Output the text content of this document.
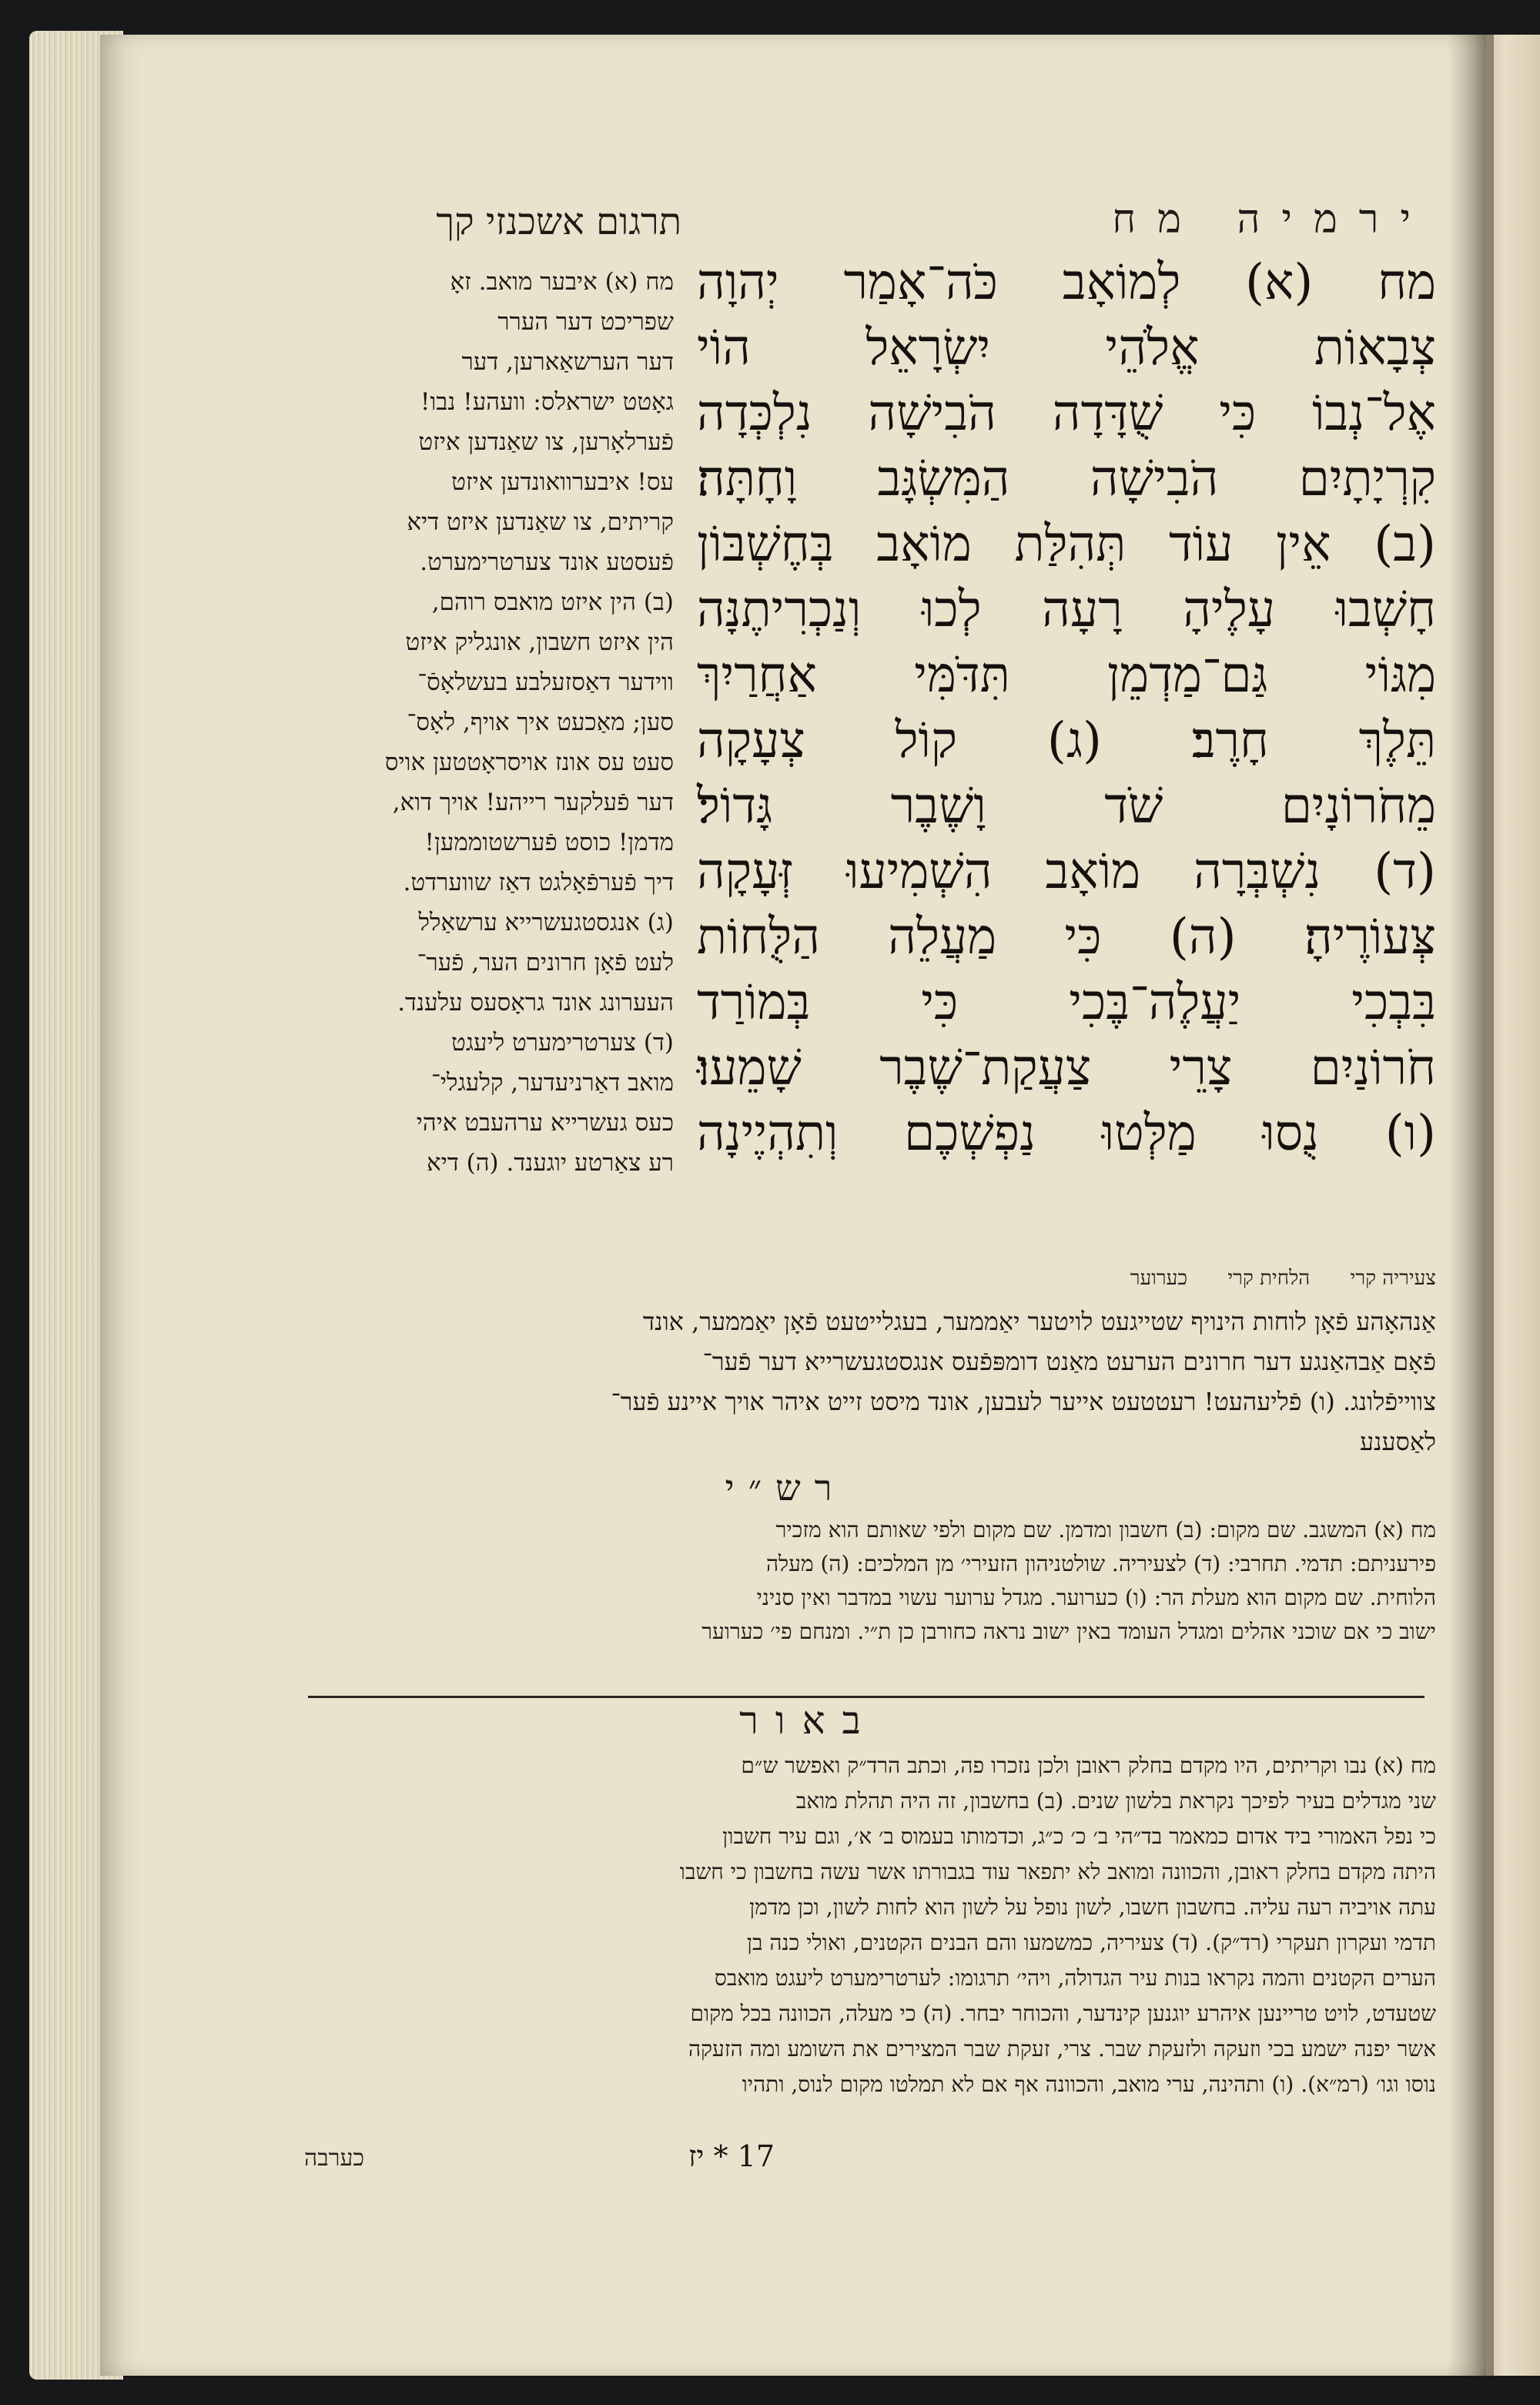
ירמיה מח
תרגום אשכנזי קך

מח (א) לְמוֹאָב כֹּה־אָמַר יְהוָה

צְבָאוֹת אֱלֹהֵי יִשְׂרָאֵל הוֹי

אֶל־נְבוֹ כִּי שֻׁדָּדָה הֹבִישָׁה נִלְכְּדָה

קִרְיָתָיִם הֹבִישָׁה הַמִּשְׂגָּב וָחָתָּה׃

(ב) אֵין עוֹד תְּהִלַּת מוֹאָב בְּחֶשְׁבּוֹן

חָשְׁבוּ עָלֶיהָ רָעָה לְכוּ וְנַכְרִיתֶנָּה

מִגּוֹי גַּם־מַדְמֵן תִּדֹּמִּי אַחֲרַיִךְ

תֵּלֶךְ חָרֶב׃ (ג) קוֹל צְעָקָה

מֵחֹרוֹנָיִם שֹׁד וָשֶׁבֶר גָּדוֹל׃

(ד) נִשְׁבְּרָה מוֹאָב הִשְׁמִיעוּ זְּעָקָה

צְּעוֹרֶיהָ׃ (ה) כִּי מַעֲלֵה הַלֻּחוֹת

בִּבְכִי יַעֲלֶה־בֶּכִי כִּי בְּמוֹרַד

חֹרוֹנַיִם צָרֵי צַעֲקַת־שֶׁבֶר שָׁמֵעוּ׃

(ו) נֻסוּ מַלְּטוּ נַפְשְׁכֶם וְתִהְיֶינָה

מח (א) איבער מואב. זאָ

שפריכט דער הערר

דער הערשאַארען, דער

גאָטט ישראלס: וועהע! נבו!

פֿערלאָרען, צו שאַנדען איזט

עס! איבערוואונדען איזט

קריתים, צו שאַנדען איזט דיא

פֿעסטע אונד צערטרימערט.

(ב) הין איזט מואבס רוהם,

הין איזט חשבון, אונגליק איזט

ווידער דאַסזעלבע בעשלאָסֿ־

סען; מאַכעט איך אויף, לאָס־

סעט עס אונז אויסראָטטען אויס

דער פֿעלקער רייהע! אויך דוא,

מדמן! כוסט פֿערשטוממען!

דיך פֿערפֿאָלגט דאַז שווערדט.

(ג) אנגסטגעשרייא ערשאַלל

לעט פֿאָן חרונים הער, פֿער־

העערונג אונד גראָסעס עלענד.

(ד) צערטרימערט ליעגט

מואב דאַרניעדער, קלעגלי־

כעס געשרייא ערהעבט איהי

רע צאַרטע יוגענד. (ה) דיא

צעיריה קרי הלחית קרי כערוער

אַנהאָהע פֿאָן לוחות הינויף שטייגעט לויטער יאַממער, בעגלייטעט פֿאָן יאַממער, אונד

פֿאָם אַבהאַנגע דער חרונים הערעט מאַנט דומפּפֿעס אנגסטגעשרייא דער פֿער־

צווייפֿלונג. (ו) פֿליעהעט! רעטטעט אייער לעבען, אונד מיסט זייט איהר אויך איינע פֿער־

לאַסענע

רש״י

מח (א) המשגב. שם מקום: (ב) חשבון ומדמן. שם מקום ולפי שאותם הוא מזכיר

פירעניתם: תדמי. תחרבי: (ד) לצעיריה. שולטניהון הזעירי׳ מן המלכים: (ה) מעלה

הלוחית. שם מקום הוא מעלת הר: (ו) כערוער. מגדל ערוער עשוי במדבר ואין סניני

ישוב כי אם שוכני אהלים ומגדל העומד באין ישוב נראה כחורבן כן ת״י. ומנחם פי׳ כערוער

באור

מח (א) נבו וקריתים, היו מקדם בחלק ראובן ולכן נזכרו פה, וכתב הרד״ק ואפשר ש״ם

שני מגדלים בעיר לפיכך נקראת בלשון שנים. (ב) בחשבון, זה היה תהלת מואב

כי נפל האמורי ביד אדום כמאמר בד״הי ב׳ כ׳ כ״ג, וכדמותו בעמוס ב׳ א׳, וגם עיר חשבון

היתה מקדם בחלק ראובן, והכוונה ומואב לא יתפאר עוד בגבורתו אשר עשה בחשבון כי חשבו

עתה אויביה רעה עליה. בחשבון חשבו, לשון נופל על לשון הוא לחות לשון, וכן מדמן

תדמי ועקרון תעקרי (רד״ק). (ד) צעיריה, כמשמעו והם הבנים הקטנים, ואולי כנה בן

הערים הקטנים והמה נקראו בנות עיר הגדולה, ויהי׳ תרגומו: לערטרימערט ליעגט מואבס

שטעדט, לויט טריינען איהרע יוגנען קינדער, והכוחר יבחר. (ה) כי מעלה, הכוונה בכל מקום

אשר יפנה ישמע בכי וזעקה ולזעקת שבר. צרי, זעקת שבר המצירים את השומע ומה הזעקה

נוסו וגו׳ (רמ״א). (ו) ותהינה, ערי מואב, והכוונה אף אם לא תמלטו מקום לנוס, ותהיו

כערבה	17 * יז
